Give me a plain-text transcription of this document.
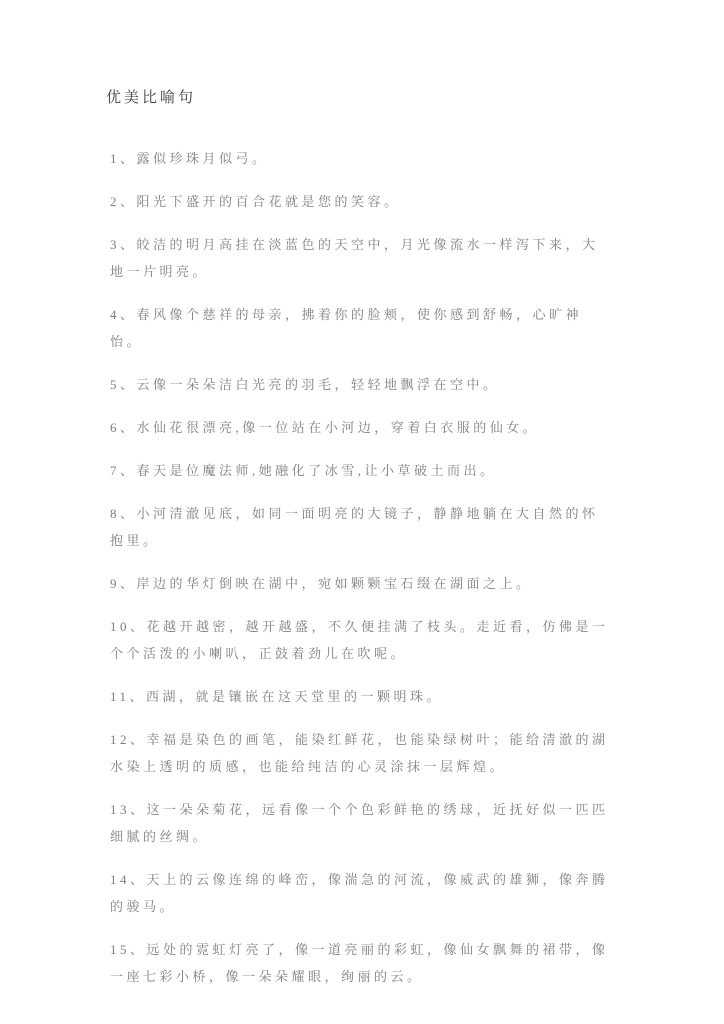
优美比喻句

1、露似珍珠月似弓。

2、阳光下盛开的百合花就是您的笑容。

3、皎洁的明月高挂在淡蓝色的天空中，月光像流水一样泻下来，大地一片明亮。

4、春风像个慈祥的母亲，拂着你的脸颊，使你感到舒畅，心旷神怡。

5、云像一朵朵洁白光亮的羽毛，轻轻地飘浮在空中。

6、水仙花很漂亮,像一位站在小河边，穿着白衣服的仙女。

7、春天是位魔法师,她融化了冰雪,让小草破土而出。

8、小河清澈见底，如同一面明亮的大镜子，静静地躺在大自然的怀抱里。

9、岸边的华灯倒映在湖中，宛如颗颗宝石缀在湖面之上。

10、花越开越密，越开越盛，不久便挂满了枝头。走近看，仿佛是一个个活泼的小喇叭，正鼓着劲儿在吹呢。

11、西湖，就是镶嵌在这天堂里的一颗明珠。

12、幸福是染色的画笔，能染红鲜花，也能染绿树叶；能给清澈的湖水染上透明的质感，也能给纯洁的心灵涂抹一层辉煌。

13、这一朵朵菊花，远看像一个个色彩鲜艳的绣球，近抚好似一匹匹细腻的丝绸。

14、天上的云像连绵的峰峦，像湍急的河流，像威武的雄狮，像奔腾的骏马。

15、远处的霓虹灯亮了，像一道亮丽的彩虹，像仙女飘舞的裙带，像一座七彩小桥，像一朵朵耀眼，绚丽的云。
